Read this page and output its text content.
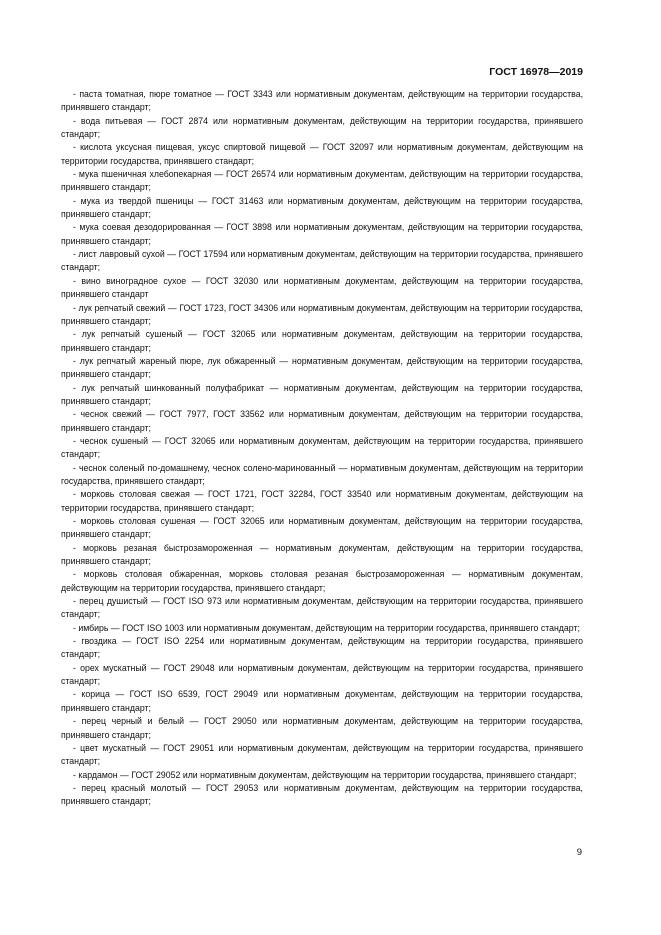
ГОСТ 16978—2019

- паста томатная, пюре томатное — ГОСТ 3343 или нормативным документам, действующим на территории государства, принявшего стандарт;

- вода питьевая — ГОСТ 2874 или нормативным документам, действующим на территории государства, принявшего стандарт;

- кислота уксусная пищевая, уксус спиртовой пищевой — ГОСТ 32097 или нормативным документам, действующим на территории государства, принявшего стандарт;

- мука пшеничная хлебопекарная — ГОСТ 26574 или нормативным документам, действующим на территории государства, принявшего стандарт;

- мука из твердой пшеницы — ГОСТ 31463 или нормативным документам, действующим на территории государства, принявшего стандарт;

- мука соевая дезодорированная — ГОСТ 3898 или нормативным документам, действующим на территории государства, принявшего стандарт;

- лист лавровый сухой — ГОСТ 17594 или нормативным документам, действующим на территории государства, принявшего стандарт;

- вино виноградное сухое — ГОСТ 32030 или нормативным документам, действующим на территории государства, принявшего стандарт

- лук репчатый свежий — ГОСТ 1723, ГОСТ 34306 или нормативным документам, действующим на территории государства, принявшего стандарт;

- лук репчатый сушеный — ГОСТ 32065 или нормативным документам, действующим на территории государства, принявшего стандарт;

- лук репчатый жареный пюре, лук обжаренный — нормативным документам, действующим на территории государства, принявшего стандарт;

- лук репчатый шинкованный полуфабрикат — нормативным документам, действующим на территории государства, принявшего стандарт;

- чеснок свежий — ГОСТ 7977, ГОСТ 33562 или нормативным документам, действующим на территории государства, принявшего стандарт;

- чеснок сушеный — ГОСТ 32065 или нормативным документам, действующим на территории государства, принявшего стандарт;

- чеснок соленый по-домашнему, чеснок солено-маринованный — нормативным документам, действующим на территории государства, принявшего стандарт;

- морковь столовая свежая — ГОСТ 1721, ГОСТ 32284, ГОСТ 33540 или нормативным документам, действующим на территории государства, принявшего стандарт;

- морковь столовая сушеная — ГОСТ 32065 или нормативным документам, действующим на территории государства, принявшего стандарт;

- морковь резаная быстрозамороженная — нормативным документам, действующим на территории государства, принявшего стандарт;

- морковь столовая обжаренная, морковь столовая резаная быстрозамороженная — нормативным документам, действующим на территории государства, принявшего стандарт;

- перец душистый — ГОСТ ISO 973 или нормативным документам, действующим на территории государства, принявшего стандарт;

- имбирь — ГОСТ ISO 1003 или нормативным документам, действующим на территории государства, принявшего стандарт;

- гвоздика — ГОСТ ISO 2254 или нормативным документам, действующим на территории государства, принявшего стандарт;

- орех мускатный — ГОСТ 29048 или нормативным документам, действующим на территории государства, принявшего стандарт;

- корица — ГОСТ ISO 6539, ГОСТ 29049 или нормативным документам, действующим на территории государства, принявшего стандарт;

- перец черный и белый — ГОСТ 29050 или нормативным документам, действующим на территории государства, принявшего стандарт;

- цвет мускатный — ГОСТ 29051 или нормативным документам, действующим на территории государства, принявшего стандарт;

- кардамон — ГОСТ 29052 или нормативным документам, действующим на территории государства, принявшего стандарт;

- перец красный молотый — ГОСТ 29053 или нормативным документам, действующим на территории государства, принявшего стандарт;

9
